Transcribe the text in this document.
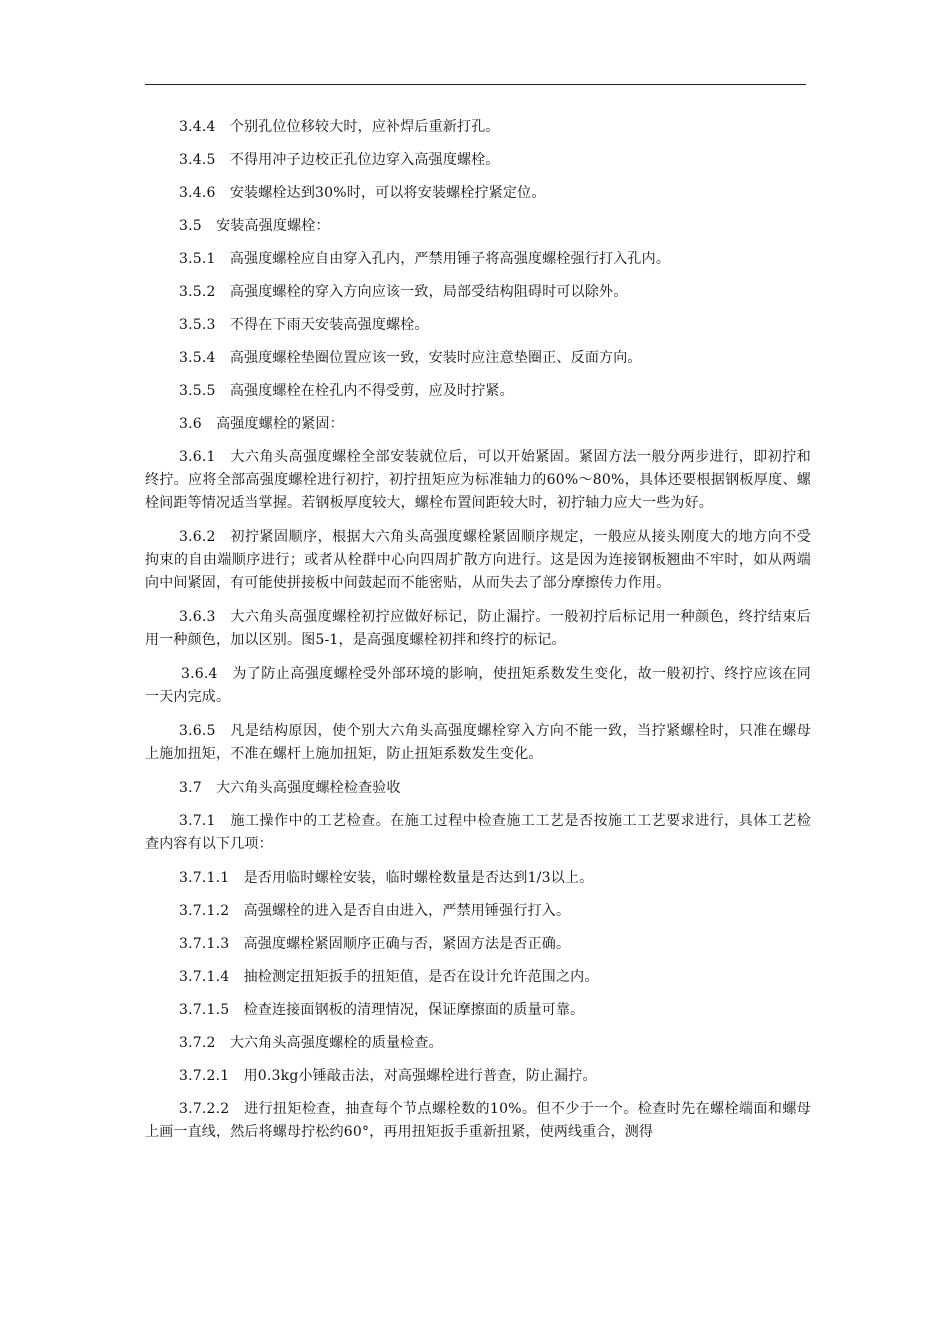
3.4.4　个别孔位位移较大时，应补焊后重新打孔。

3.4.5　不得用冲子边校正孔位边穿入高强度螺栓。

3.4.6　安装螺栓达到30%时，可以将安装螺栓拧紧定位。

3.5　安装高强度螺栓：

3.5.1　高强度螺栓应自由穿入孔内，严禁用锤子将高强度螺栓强行打入孔内。

3.5.2　高强度螺栓的穿入方向应该一致，局部受结构阻碍时可以除外。

3.5.3　不得在下雨天安装高强度螺栓。

3.5.4　高强度螺栓垫圈位置应该一致，安装时应注意垫圈正、反面方向。

3.5.5　高强度螺栓在栓孔内不得受剪，应及时拧紧。

3.6　高强度螺栓的紧固：

3.6.1　大六角头高强度螺栓全部安装就位后，可以开始紧固。紧固方法一般分两步进行，即初拧和终拧。应将全部高强度螺栓进行初拧，初拧扭矩应为标准轴力的60%～80%，具体还要根据钢板厚度、螺栓间距等情况适当掌握。若钢板厚度较大，螺栓布置间距较大时，初拧轴力应大一些为好。

3.6.2　初拧紧固顺序，根据大六角头高强度螺栓紧固顺序规定，一般应从接头刚度大的地方向不受拘束的自由端顺序进行；或者从栓群中心向四周扩散方向进行。这是因为连接钢板翘曲不牢时，如从两端向中间紧固，有可能使拼接板中间鼓起而不能密贴，从而失去了部分摩擦传力作用。

3.6.3　大六角头高强度螺栓初拧应做好标记，防止漏拧。一般初拧后标记用一种颜色，终拧结束后用一种颜色，加以区别。图5-1，是高强度螺栓初拌和终拧的标记。

3.6.4　为了防止高强度螺栓受外部环境的影响，使扭矩系数发生变化，故一般初拧、终拧应该在同一天内完成。

3.6.5　凡是结构原因，使个别大六角头高强度螺栓穿入方向不能一致，当拧紧螺栓时，只准在螺母上施加扭矩，不准在螺杆上施加扭矩，防止扭矩系数发生变化。

3.7　大六角头高强度螺栓检查验收

3.7.1　施工操作中的工艺检查。在施工过程中检查施工工艺是否按施工工艺要求进行，具体工艺检查内容有以下几项：

3.7.1.1　是否用临时螺栓安装，临时螺栓数量是否达到1/3以上。

3.7.1.2　高强螺栓的进入是否自由进入，严禁用锤强行打入。

3.7.1.3　高强度螺栓紧固顺序正确与否，紧固方法是否正确。

3.7.1.4　抽检测定扭矩扳手的扭矩值，是否在设计允许范围之内。

3.7.1.5　检查连接面钢板的清理情况，保证摩擦面的质量可靠。

3.7.2　大六角头高强度螺栓的质量检查。

3.7.2.1　用0.3kg小锤敲击法，对高强螺栓进行普查，防止漏拧。

3.7.2.2　进行扭矩检查，抽查每个节点螺栓数的10%。但不少于一个。检查时先在螺栓端面和螺母上画一直线，然后将螺母拧松约60°，再用扭矩扳手重新扭紧，使两线重合，测得
